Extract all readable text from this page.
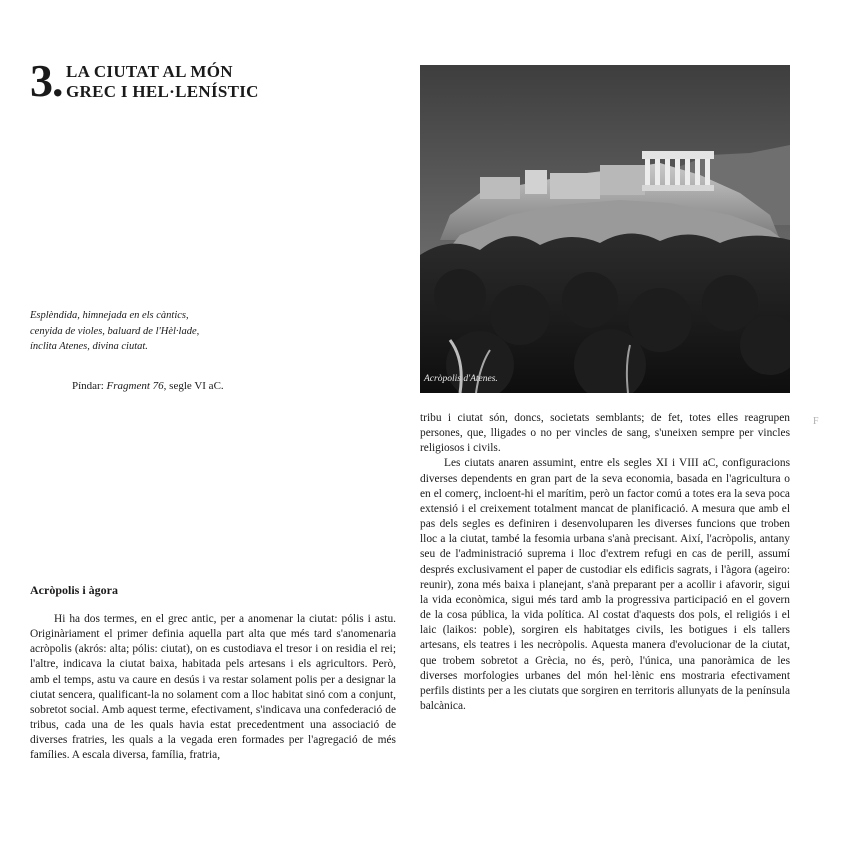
3. LA CIUTAT AL MÓN
GREC I HEL·LENÍSTIC
Esplèndida, himnejada en els càntics,
cenyida de violes, baluard de l'Hèl·lade,
ínclita Atenes, divina ciutat.
Píndar: Fragment 76, segle VI aC.
Acròpolis d'Atenes.
Acròpolis i àgora

Hi ha dos termes, en el grec antic, per a anomenar la ciutat: pólis i astu. Originàriament el primer definia aquella part alta que més tard s'anomenaria acròpolis (akrós: alta; pólis: ciutat), on es custodiava el tresor i on residia el rei; l'altre, indicava la ciutat baixa, habitada pels artesans i els agricultors. Però, amb el temps, astu va caure en desús i va restar solament polis per a designar la ciutat sencera, qualificant-la no solament com a lloc habitat sinó com a conjunt, sobretot social. Amb aquest terme, efectivament, s'indicava una confederació de tribus, cada una de les quals havia estat precedentment una associació de diverses fratries, les quals a la vegada eren formades per l'agregació de més famílies. A escala diversa, família, fratria,

tribu i ciutat són, doncs, societats semblants; de fet, totes elles reagrupen persones, que, lligades o no per vincles de sang, s'uneixen sempre per vincles religiosos i civils.

Les ciutats anaren assumint, entre els segles XI i VIII aC, configuracions diverses dependents en gran part de la seva economia, basada en l'agricultura o en el comerç, incloent-hi el marítim, però un factor comú a totes era la seva poca extensió i el creixement totalment mancat de planificació. A mesura que amb el pas dels segles es definiren i desenvoluparen les diverses funcions que troben lloc a la ciutat, també la fesomia urbana s'anà precisant. Així, l'acròpolis, antany seu de l'administració suprema i lloc d'extrem refugi en cas de perill, assumí després exclusivament el paper de custodiar els edificis sagrats, i l'àgora (ageiro: reunir), zona més baixa i planejant, s'anà preparant per a acollir i afavorir, sigui la vida econòmica, sigui més tard amb la progressiva participació en el govern de la cosa pública, la vida política. Al costat d'aquests dos pols, el religiós i el laic (laikos: poble), sorgiren els habitatges civils, les botigues i els tallers artesans, els teatres i les necròpolis. Aquesta manera d'evolucionar de la ciutat, que trobem sobretot a Grècia, no és, però, l'única, una panoràmica de les diverses morfologies urbanes del món hel·lènic ens mostraria efectivament perfils distints per a les ciutats que sorgiren en territoris allunyats de la península balcànica.

F
